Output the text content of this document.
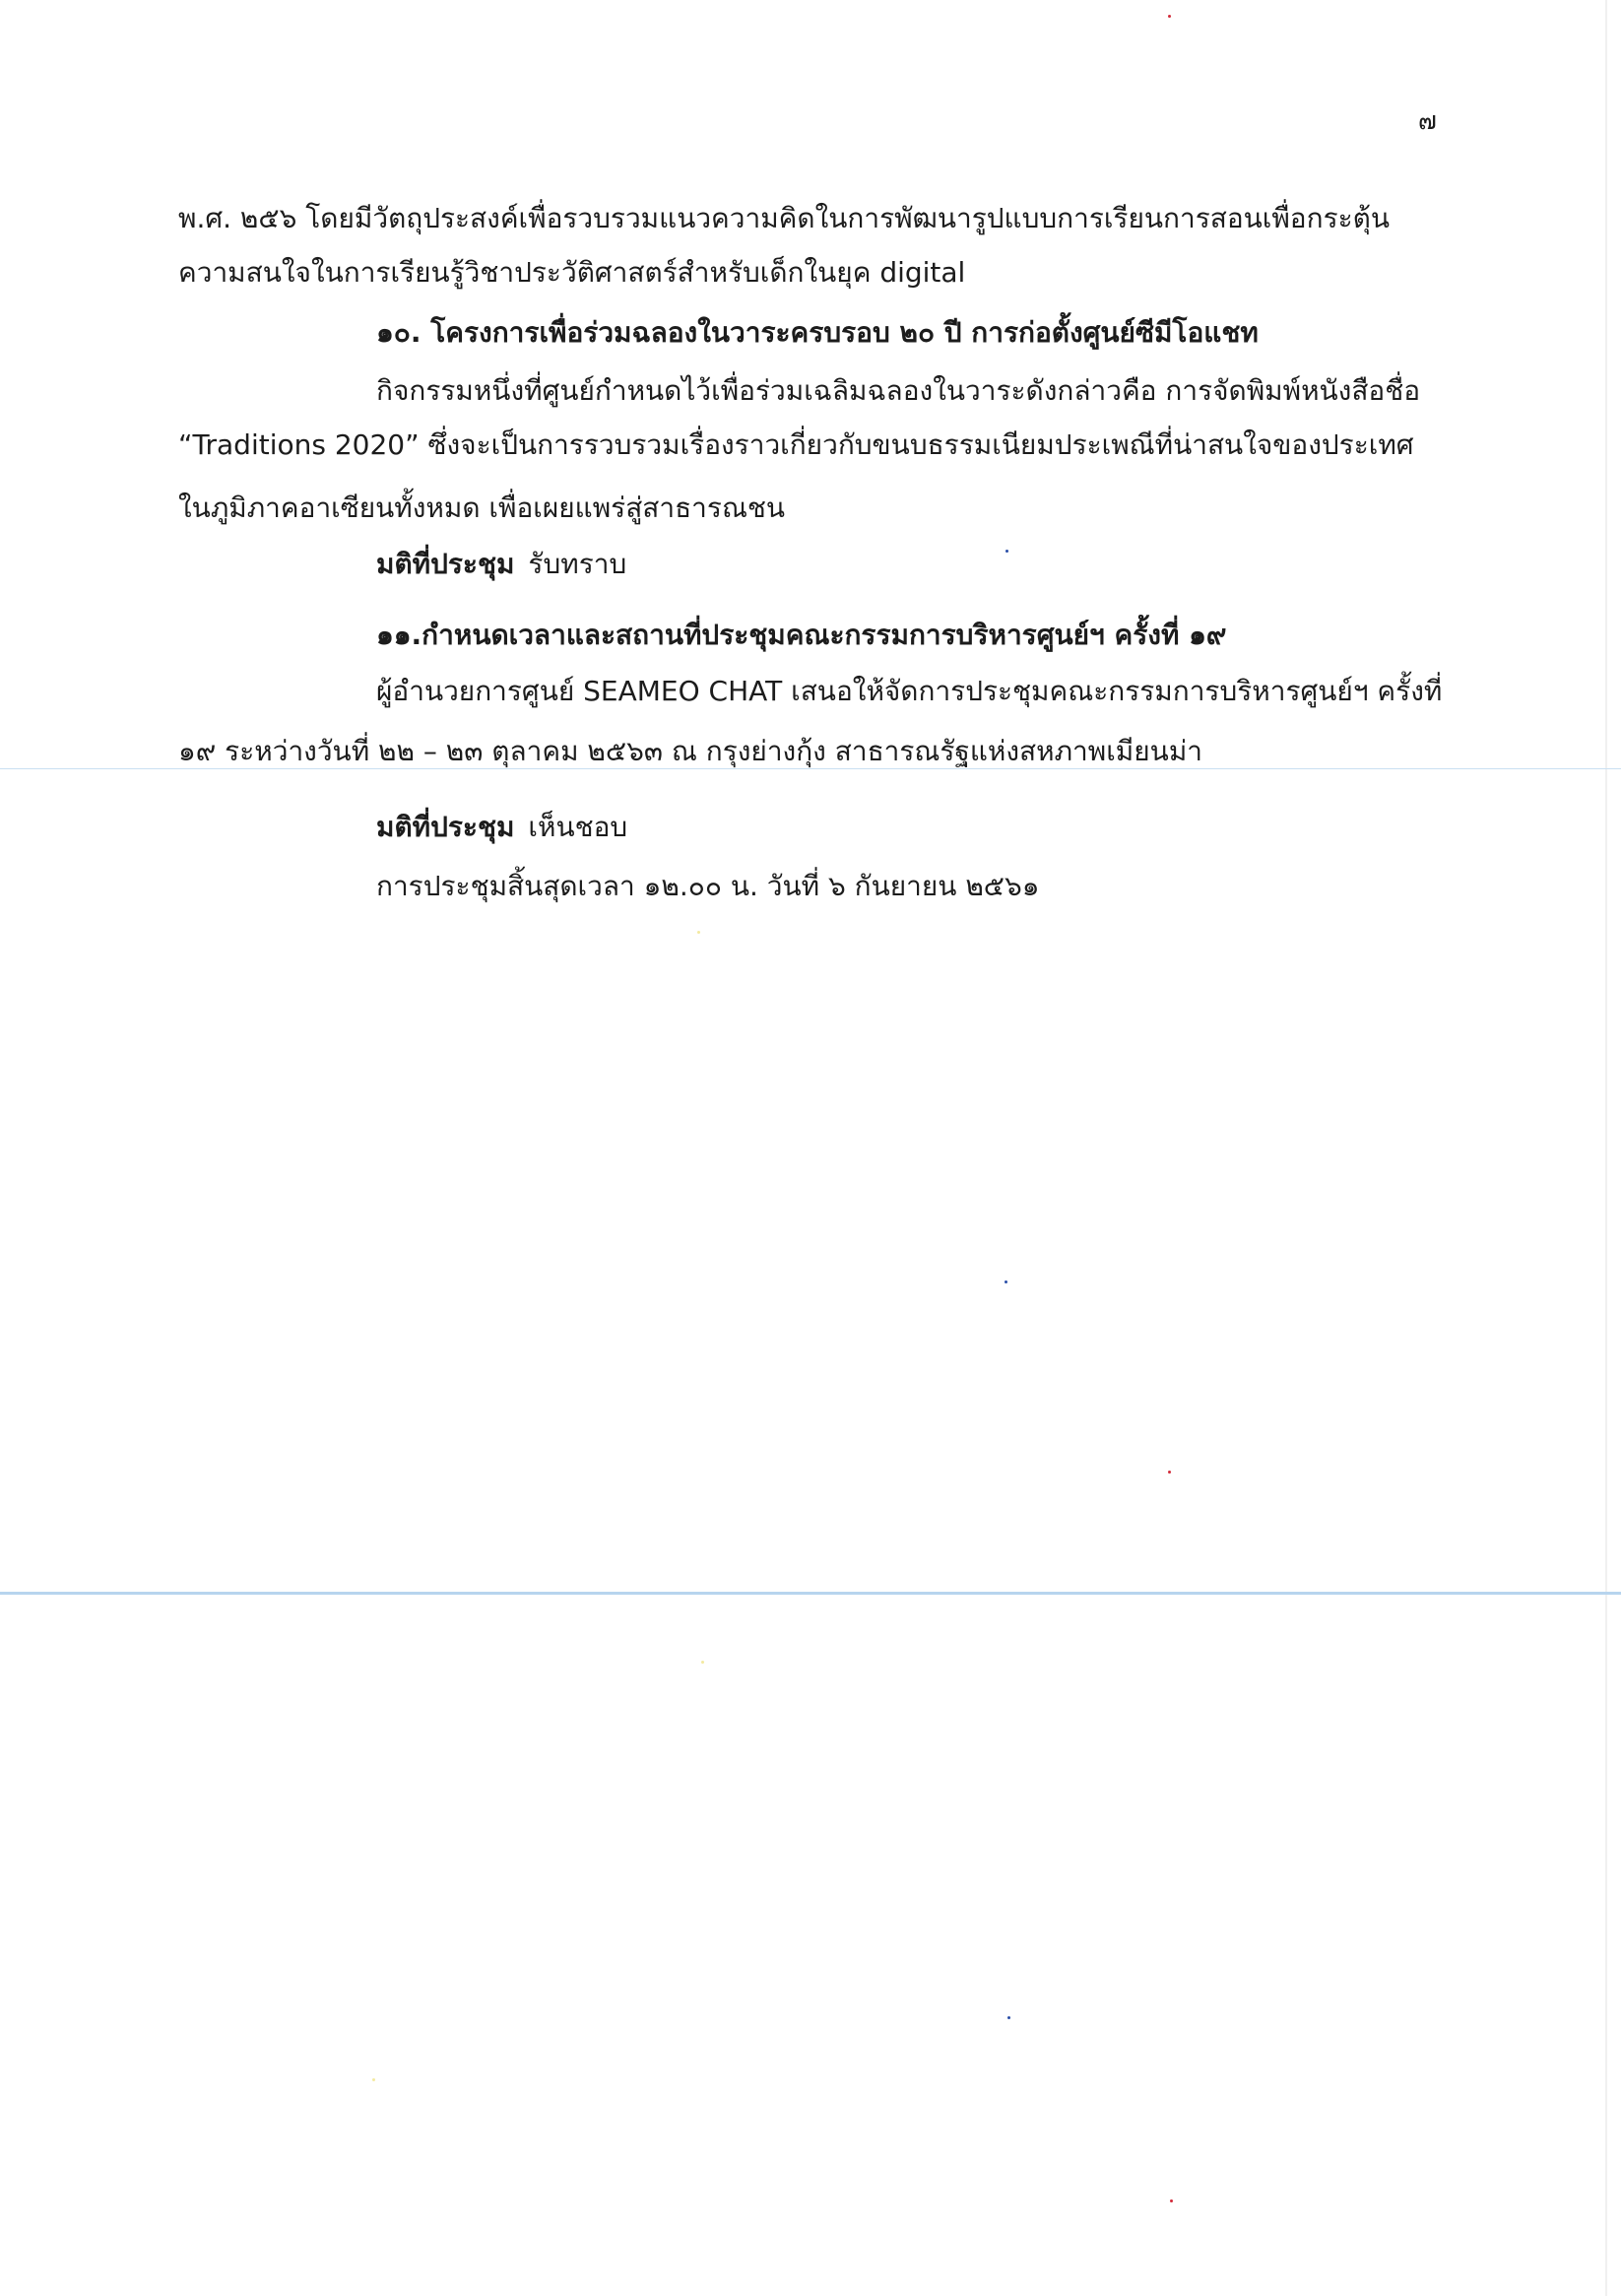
๗
พ.ศ. ๒๕๖ โดยมีวัตถุประสงค์เพื่อรวบรวมแนวความคิดในการพัฒนารูปแบบการเรียนการสอนเพื่อกระตุ้น
ความสนใจในการเรียนรู้วิชาประวัติศาสตร์สำหรับเด็กในยุค digital
๑๐. โครงการเพื่อร่วมฉลองในวาระครบรอบ ๒๐ ปี การก่อตั้งศูนย์ซีมีโอแชท
กิจกรรมหนึ่งที่ศูนย์กำหนดไว้เพื่อร่วมเฉลิมฉลองในวาระดังกล่าวคือ การจัดพิมพ์หนังสือชื่อ
“Traditions 2020” ซึ่งจะเป็นการรวบรวมเรื่องราวเกี่ยวกับขนบธรรมเนียมประเพณีที่น่าสนใจของประเทศ
ในภูมิภาคอาเซียนทั้งหมด เพื่อเผยแพร่สู่สาธารณชน
มติที่ประชุม รับทราบ
๑๑.กำหนดเวลาและสถานที่ประชุมคณะกรรมการบริหารศูนย์ฯ ครั้งที่ ๑๙
ผู้อำนวยการศูนย์ SEAMEO CHAT เสนอให้จัดการประชุมคณะกรรมการบริหารศูนย์ฯ ครั้งที่
๑๙ ระหว่างวันที่ ๒๒ – ๒๓ ตุลาคม ๒๕๖๓ ณ กรุงย่างกุ้ง สาธารณรัฐแห่งสหภาพเมียนม่า
มติที่ประชุม เห็นชอบ
การประชุมสิ้นสุดเวลา ๑๒.๐๐ น. วันที่ ๖ กันยายน ๒๕๖๑
